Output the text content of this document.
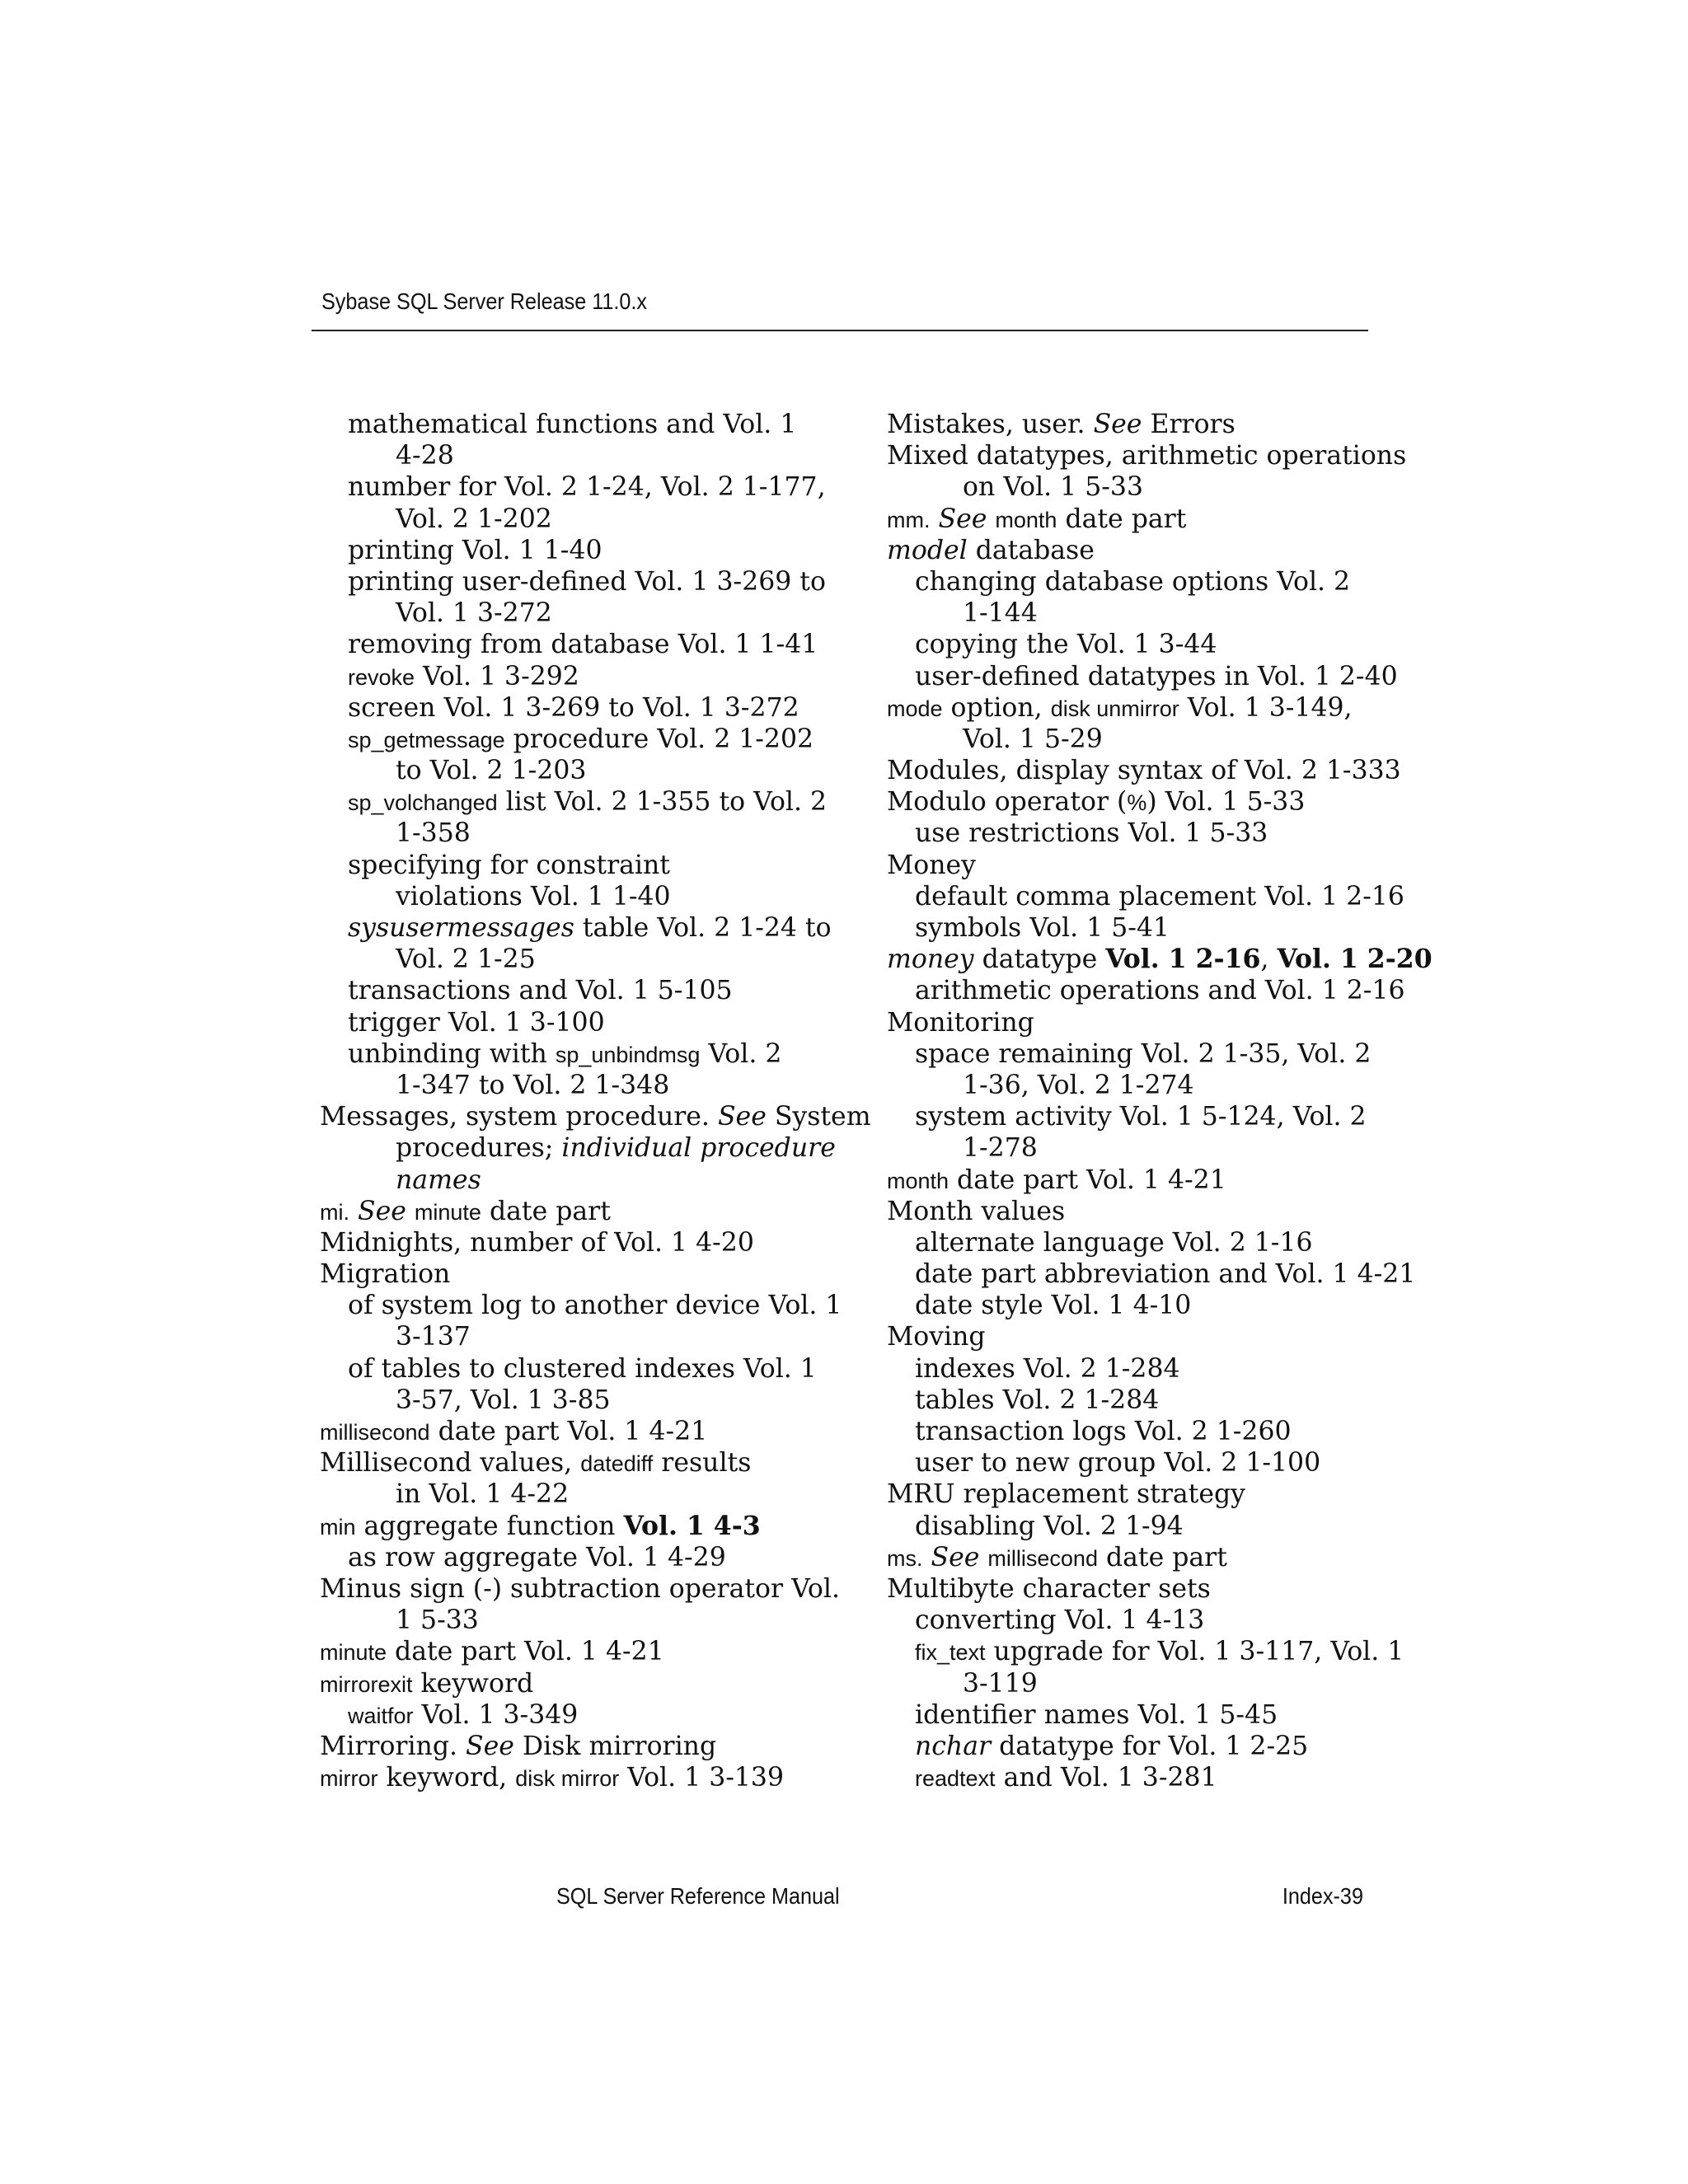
Sybase SQL Server Release 11.0.x
mathematical functions and Vol. 1
4-28
number for Vol. 2 1-24, Vol. 2 1-177,
Vol. 2 1-202
printing Vol. 1 1-40
printing user-defined Vol. 1 3-269 to
Vol. 1 3-272
removing from database Vol. 1 1-41
revoke Vol. 1 3-292
screen Vol. 1 3-269 to Vol. 1 3-272
sp_getmessage procedure Vol. 2 1-202
to Vol. 2 1-203
sp_volchanged list Vol. 2 1-355 to Vol. 2
1-358
specifying for constraint
violations Vol. 1 1-40
sysusermessages table Vol. 2 1-24 to
Vol. 2 1-25
transactions and Vol. 1 5-105
trigger Vol. 1 3-100
unbinding with sp_unbindmsg Vol. 2
1-347 to Vol. 2 1-348
Messages, system procedure. See System
procedures; individual procedure
names
mi. See minute date part
Midnights, number of Vol. 1 4-20
Migration
of system log to another device Vol. 1
3-137
of tables to clustered indexes Vol. 1
3-57, Vol. 1 3-85
millisecond date part Vol. 1 4-21
Millisecond values, datediff results
in Vol. 1 4-22
min aggregate function Vol. 1 4-3
as row aggregate Vol. 1 4-29
Minus sign (-) subtraction operator Vol.
1 5-33
minute date part Vol. 1 4-21
mirrorexit keyword
waitfor Vol. 1 3-349
Mirroring. See Disk mirroring
mirror keyword, disk mirror Vol. 1 3-139
Mistakes, user. See Errors
Mixed datatypes, arithmetic operations
on Vol. 1 5-33
mm. See month date part
model database
changing database options Vol. 2
1-144
copying the Vol. 1 3-44
user-defined datatypes in Vol. 1 2-40
mode option, disk unmirror Vol. 1 3-149,
Vol. 1 5-29
Modules, display syntax of Vol. 2 1-333
Modulo operator (%) Vol. 1 5-33
use restrictions Vol. 1 5-33
Money
default comma placement Vol. 1 2-16
symbols Vol. 1 5-41
money datatype Vol. 1 2-16, Vol. 1 2-20
arithmetic operations and Vol. 1 2-16
Monitoring
space remaining Vol. 2 1-35, Vol. 2
1-36, Vol. 2 1-274
system activity Vol. 1 5-124, Vol. 2
1-278
month date part Vol. 1 4-21
Month values
alternate language Vol. 2 1-16
date part abbreviation and Vol. 1 4-21
date style Vol. 1 4-10
Moving
indexes Vol. 2 1-284
tables Vol. 2 1-284
transaction logs Vol. 2 1-260
user to new group Vol. 2 1-100
MRU replacement strategy
disabling Vol. 2 1-94
ms. See millisecond date part
Multibyte character sets
converting Vol. 1 4-13
fix_text upgrade for Vol. 1 3-117, Vol. 1
3-119
identifier names Vol. 1 5-45
nchar datatype for Vol. 1 2-25
readtext and Vol. 1 3-281
SQL Server Reference Manual	Index-39
